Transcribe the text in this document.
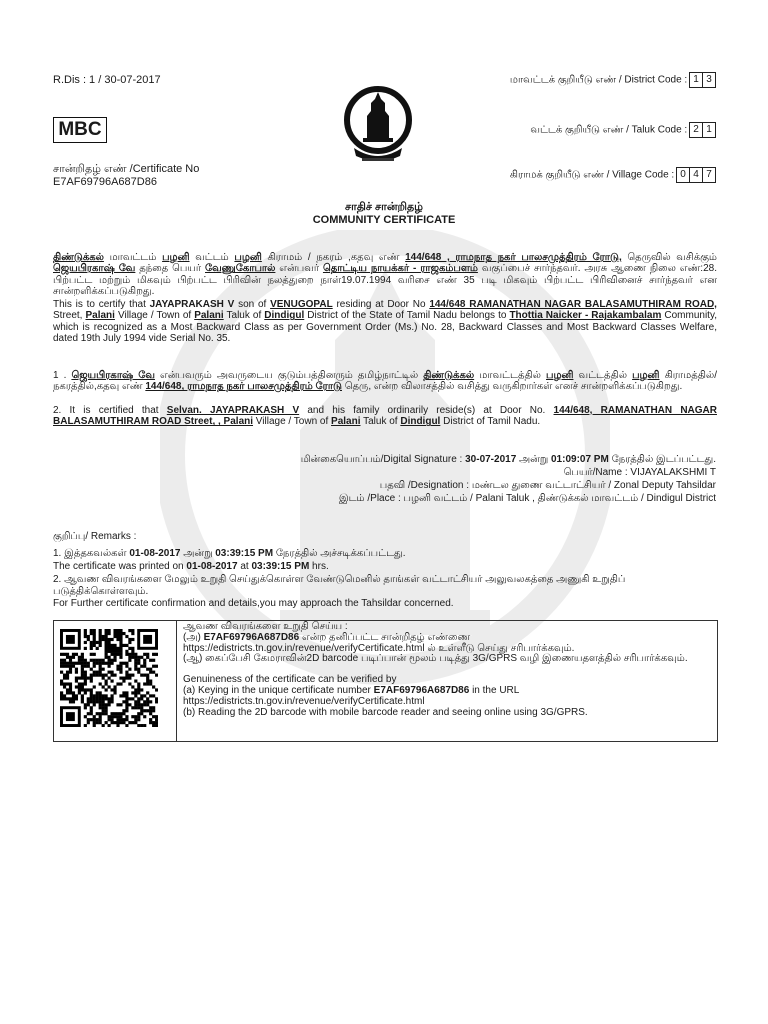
R.Dis : 1 / 30-07-2017	மாவட்டக் குறியீடு எண் / District Code : 1 3
MBC	வட்டக் குறியீடு எண் / Taluk Code : 2 1
சான்றிதழ் எண் /Certificate No
E7AF69796A687D86
கிராமக் குறியீடு எண் / Village Code : 0 4 7
சாதிச் சான்றிதழ்
COMMUNITY CERTIFICATE
திண்டுக்கல் மாவட்டம் பழனி வட்டம் பழனி கிராமம் / நகரம் ,கதவு எண் 144/648 , ராமநாத நகர் பாலசமுத்திரம் ரோடு, தெருவில் வசிக்கும் ஜெயபிரகாஷ் வே தந்தை பெயர் வேணுகோபால் என்பவர் தொட்டிய நாயக்கர் - ராஜகம்பளம் வகுப்பைச் சார்ந்தவர். அரசு ஆணை நிலை எண்:28. பிற்பட்ட மற்றும் மிகவும் பிற்பட்ட பிரிவின் நலத்துறை நாள்19.07.1994 வரிசை எண் 35 படி மிகவும் பிற்பட்ட பிரிவினைச் சார்ந்தவர் என சான்றளிக்கப்படுகிறது.
This is to certify that JAYAPRAKASH V son of VENUGOPAL residing at Door No 144/648 RAMANATHAN NAGAR BALASAMUTHIRAM ROAD, Street, Palani Village / Town of Palani Taluk of Dindigul District of the State of Tamil Nadu belongs to Thottia Naicker - Rajakambalam Community, which is recognized as a Most Backward Class as per Government Order (Ms.) No. 28, Backward Classes and Most Backward Classes Welfare, dated 19th July 1994 vide Serial No. 35.
1 . ஜெயபிரகாஷ் வே என்பவரும் அவருடைய குடும்பத்தினரும் தமிழ்நாட்டில் திண்டுக்கல் மாவட்டத்தில் பழனி வட்டத்தில் பழனி கிராமத்தில்/நகரத்தில்,கதவு எண் 144/648, ராமநாத நகர் பாலசமுத்திரம் ரோடு தெரு, என்ற விலாசத்தில் வசித்து வருகிறார்கள் எனச் சான்றளிக்கப்படுகிறது.
2. It is certified that Selvan. JAYAPRAKASH V and his family ordinarily reside(s) at Door No. 144/648, RAMANATHAN NAGAR BALASAMUTHIRAM ROAD Street, , Palani Village / Town of Palani Taluk of Dindigul District of Tamil Nadu.
மின்கையொப்பம்/Digital Signature : 30-07-2017 அன்று 01:09:07 PM நேரத்தில் இடப்பட்டது.
பெயர்/Name : VIJAYALAKSHMI T
பதவி /Designation : மண்டல துணை வட்டாட்சியர் / Zonal Deputy Tahsildar
இடம் /Place : பழனி வட்டம் / Palani Taluk , திண்டுக்கல் மாவட்டம் / Dindigul District
குறிப்பு/ Remarks :
1. இத்தகவல்கள் 01-08-2017 அன்று 03:39:15 PM நேரத்தில் அச்சடிக்கப்பட்டது.
The certificate was printed on 01-08-2017 at 03:39:15 PM hrs.
2. ஆவண விவரங்களை மேலும் உறுதி செய்துக்கொள்ள வேண்டுமெனில் தாங்கள் வட்டாட்சியர் அலுவலகத்தை அணுகி உறுதிப் படுத்திக்கொள்ளவும்.
For Further certificate confirmation and details,you may approach the Tahsildar concerned.

ஆவண விவரங்களை உறுதி செய்ய :
(அ) E7AF69796A687D86 என்ற தனிப்பட்ட சான்றிதழ் எண்ணை
https://edistricts.tn.gov.in/revenue/verifyCertificate.html ல் உள்ளீடு செய்து சரிபார்க்கவும்.
(ஆ) கைப்பேசி கேமராவின்2D barcode படிப்பான் மூலம் படித்து 3G/GPRS வழி இணையதளத்தில் சரிபார்க்கவும்.
Genuineness of the certificate can be verified by
(a) Keying in the unique certificate number E7AF69796A687D86 in the URL
https://edistricts.tn.gov.in/revenue/verifyCertificate.html
(b) Reading the 2D barcode with mobile barcode reader and seeing online using 3G/GPRS.
